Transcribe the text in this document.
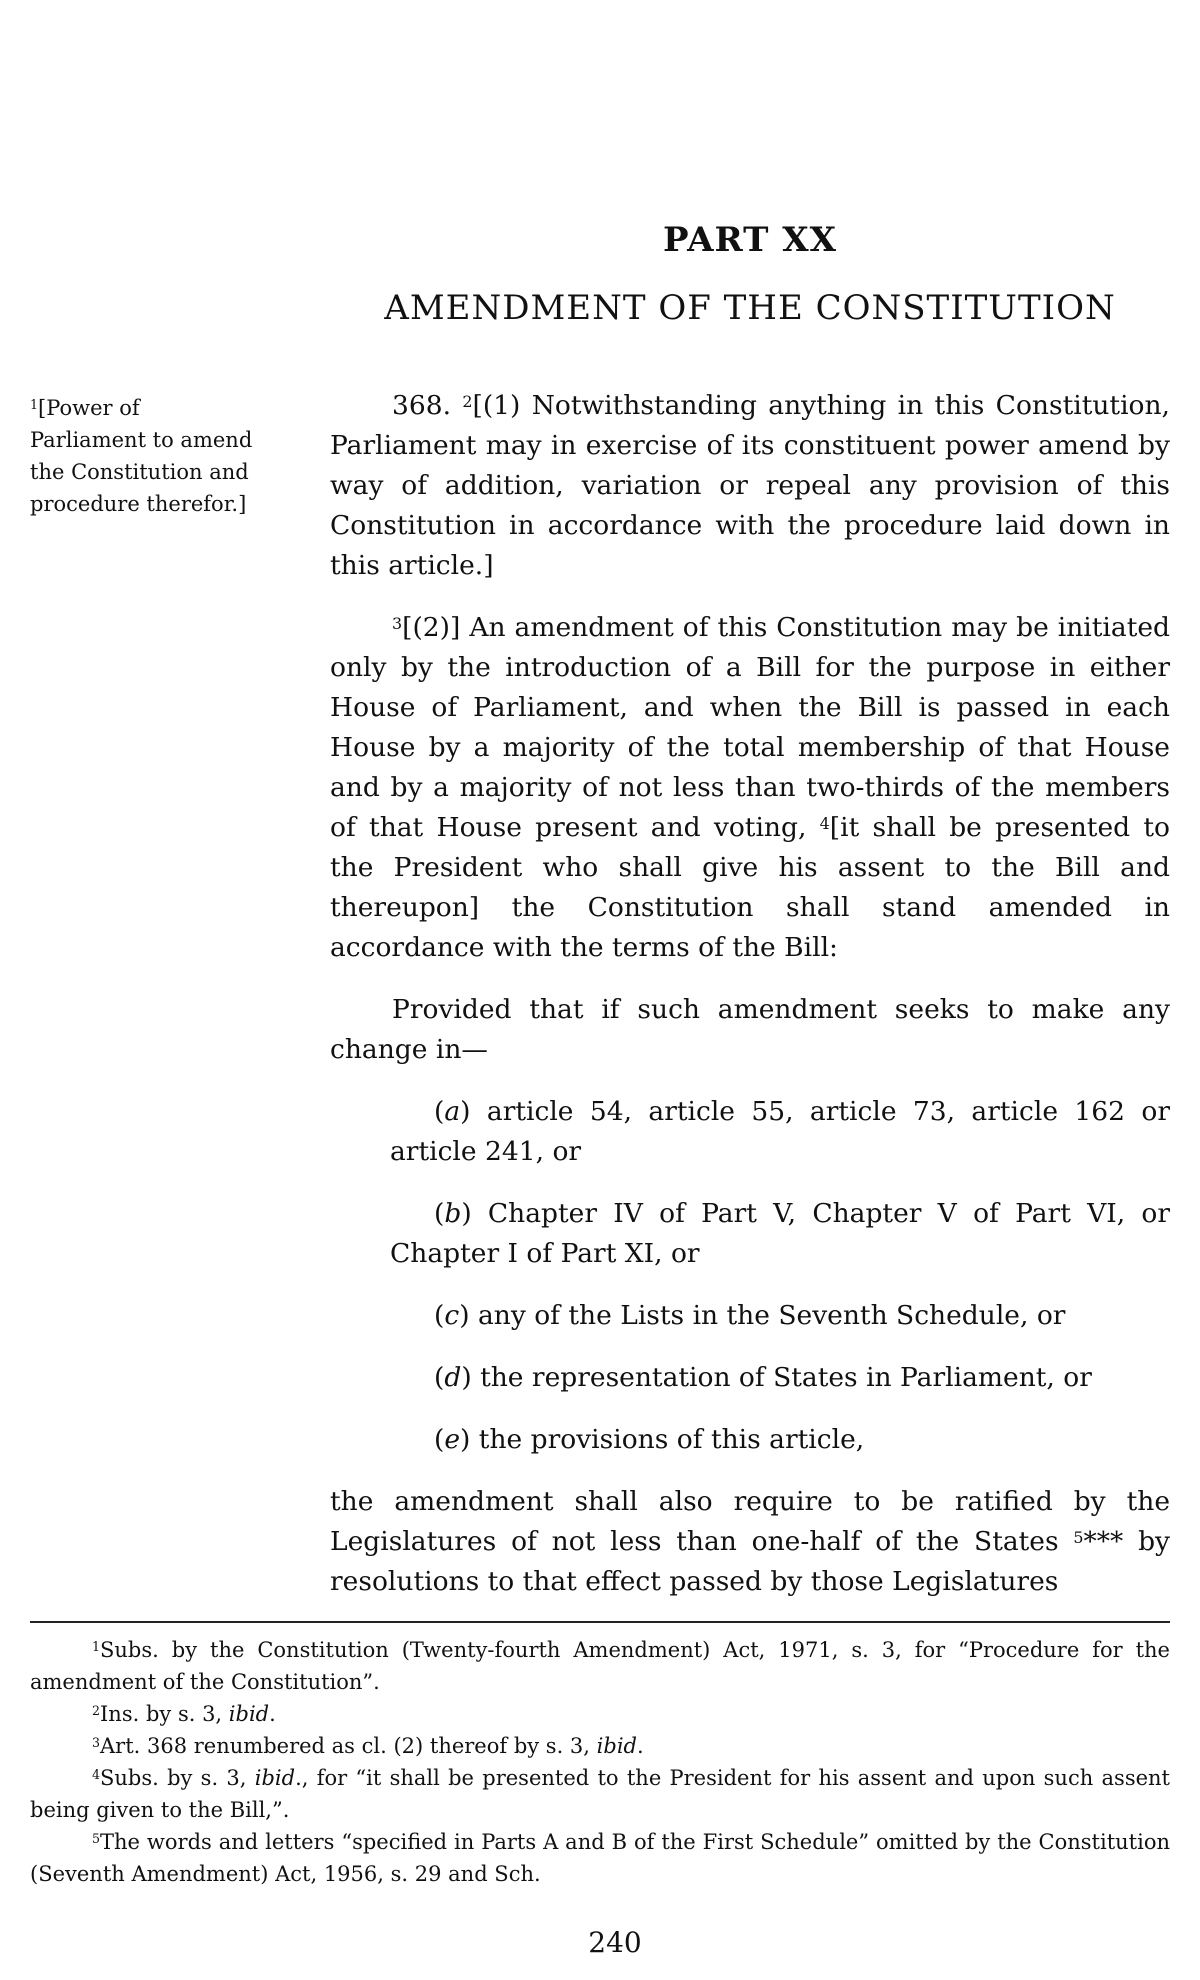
PART XX
AMENDMENT OF THE CONSTITUTION
$^1$[Power of Parliament to amend the Constitution and procedure therefor.]

368. $^2$[(1) Notwithstanding anything in this Constitution, Parliament may in exercise of its constituent power amend by way of addition, variation or repeal any provision of this Constitution in accordance with the procedure laid down in this article.]

$^3$[(2)] An amendment of this Constitution may be initiated only by the introduction of a Bill for the purpose in either House of Parliament, and when the Bill is passed in each House by a majority of the total membership of that House and by a majority of not less than two-thirds of the members of that House present and voting, $^4$[it shall be presented to the President who shall give his assent to the Bill and thereupon] the Constitution shall stand amended in accordance with the terms of the Bill:

Provided that if such amendment seeks to make any change in—

(a) article 54, article 55, article 73, article 162 or article 241, or
(b) Chapter IV of Part V, Chapter V of Part VI, or Chapter I of Part XI, or
(c) any of the Lists in the Seventh Schedule, or
(d) the representation of States in Parliament, or
(e) the provisions of this article,

the amendment shall also require to be ratified by the Legislatures of not less than one-half of the States $^5$*** by resolutions to that effect passed by those Legislatures

$^1$Subs. by the Constitution (Twenty-fourth Amendment) Act, 1971, s. 3, for “Procedure for the amendment of the Constitution”.

$^2$Ins. by s. 3, ibid.

$^3$Art. 368 renumbered as cl. (2) thereof by s. 3, ibid.

$^4$Subs. by s. 3, ibid., for “it shall be presented to the President for his assent and upon such assent being given to the Bill,”.

$^5$The words and letters “specified in Parts A and B of the First Schedule” omitted by the Constitution (Seventh Amendment) Act, 1956, s. 29 and Sch.

240
